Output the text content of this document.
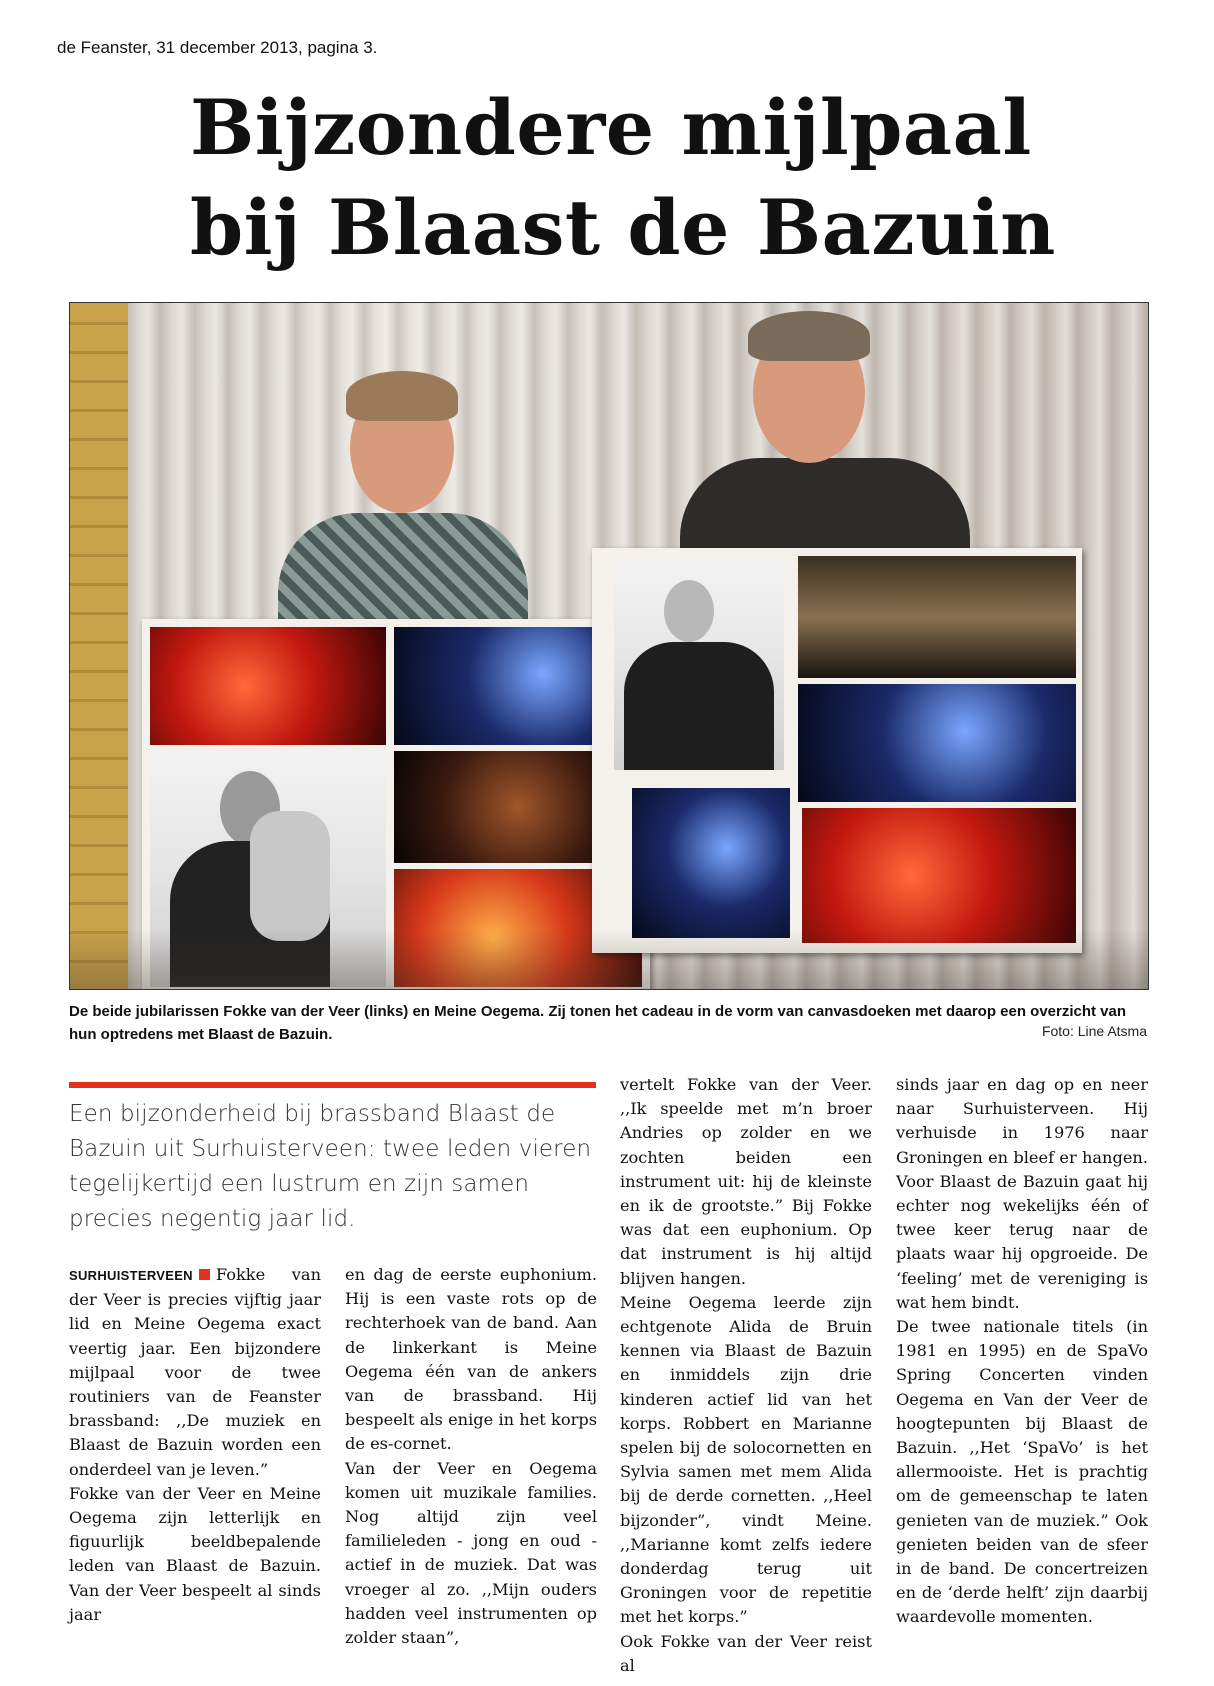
de Feanster, 31 december 2013, pagina 3.
Bijzondere mijlpaal
bij Blaast de Bazuin
De beide jubilarissen Fokke van der Veer (links) en Meine Oegema. Zij tonen het cadeau in de vorm van canvasdoeken met daarop een overzicht van hun optredens met Blaast de Bazuin.	Foto: Line Atsma
Een bijzonderheid bij brassband Blaast de Bazuin uit Surhuisterveen: twee leden vieren tegelijkertijd een lustrum en zijn samen precies negentig jaar lid.

SURHUISTERVEEN Fokke van der Veer is precies vijftig jaar lid en Meine Oegema exact veertig jaar. Een bijzondere mijlpaal voor de twee routiniers van de Feanster brassband: ,,De muziek en Blaast de Bazuin worden een onderdeel van je leven.”

Fokke van der Veer en Meine Oegema zijn letterlijk en figuurlijk beeldbepalende leden van Blaast de Bazuin. Van der Veer bespeelt al sinds jaar

en dag de eerste euphonium. Hij is een vaste rots op de rechterhoek van de band. Aan de linkerkant is Meine Oegema één van de ankers van de brassband. Hij bespeelt als enige in het korps de es-cornet.

Van der Veer en Oegema komen uit muzikale families. Nog altijd zijn veel familieleden - jong en oud - actief in de muziek. Dat was vroeger al zo. ,,Mijn ouders hadden veel instrumenten op zolder staan”,

vertelt Fokke van der Veer. ,,Ik speelde met m’n broer Andries op zolder en we zochten beiden een instrument uit: hij de kleinste en ik de grootste.” Bij Fokke was dat een euphonium. Op dat instrument is hij altijd blijven hangen.

Meine Oegema leerde zijn echtgenote Alida de Bruin kennen via Blaast de Bazuin en inmiddels zijn drie kinderen actief lid van het korps. Robbert en Marianne spelen bij de solocornetten en Sylvia samen met mem Alida bij de derde cornetten. ,,Heel bijzonder”, vindt Meine. ,,Marianne komt zelfs iedere donderdag terug uit Groningen voor de repetitie met het korps.”

Ook Fokke van der Veer reist al

sinds jaar en dag op en neer naar Surhuisterveen. Hij verhuisde in 1976 naar Groningen en bleef er hangen. Voor Blaast de Bazuin gaat hij echter nog wekelijks één of twee keer terug naar de plaats waar hij opgroeide. De ‘feeling’ met de vereniging is wat hem bindt.

De twee nationale titels (in 1981 en 1995) en de SpaVo Spring Concerten vinden Oegema en Van der Veer de hoogtepunten bij Blaast de Bazuin. ,,Het ‘SpaVo’ is het allermooiste. Het is prachtig om de gemeenschap te laten genieten van de muziek.” Ook genieten beiden van de sfeer in de band. De concertreizen en de ‘derde helft’ zijn daarbij waardevolle momenten.
